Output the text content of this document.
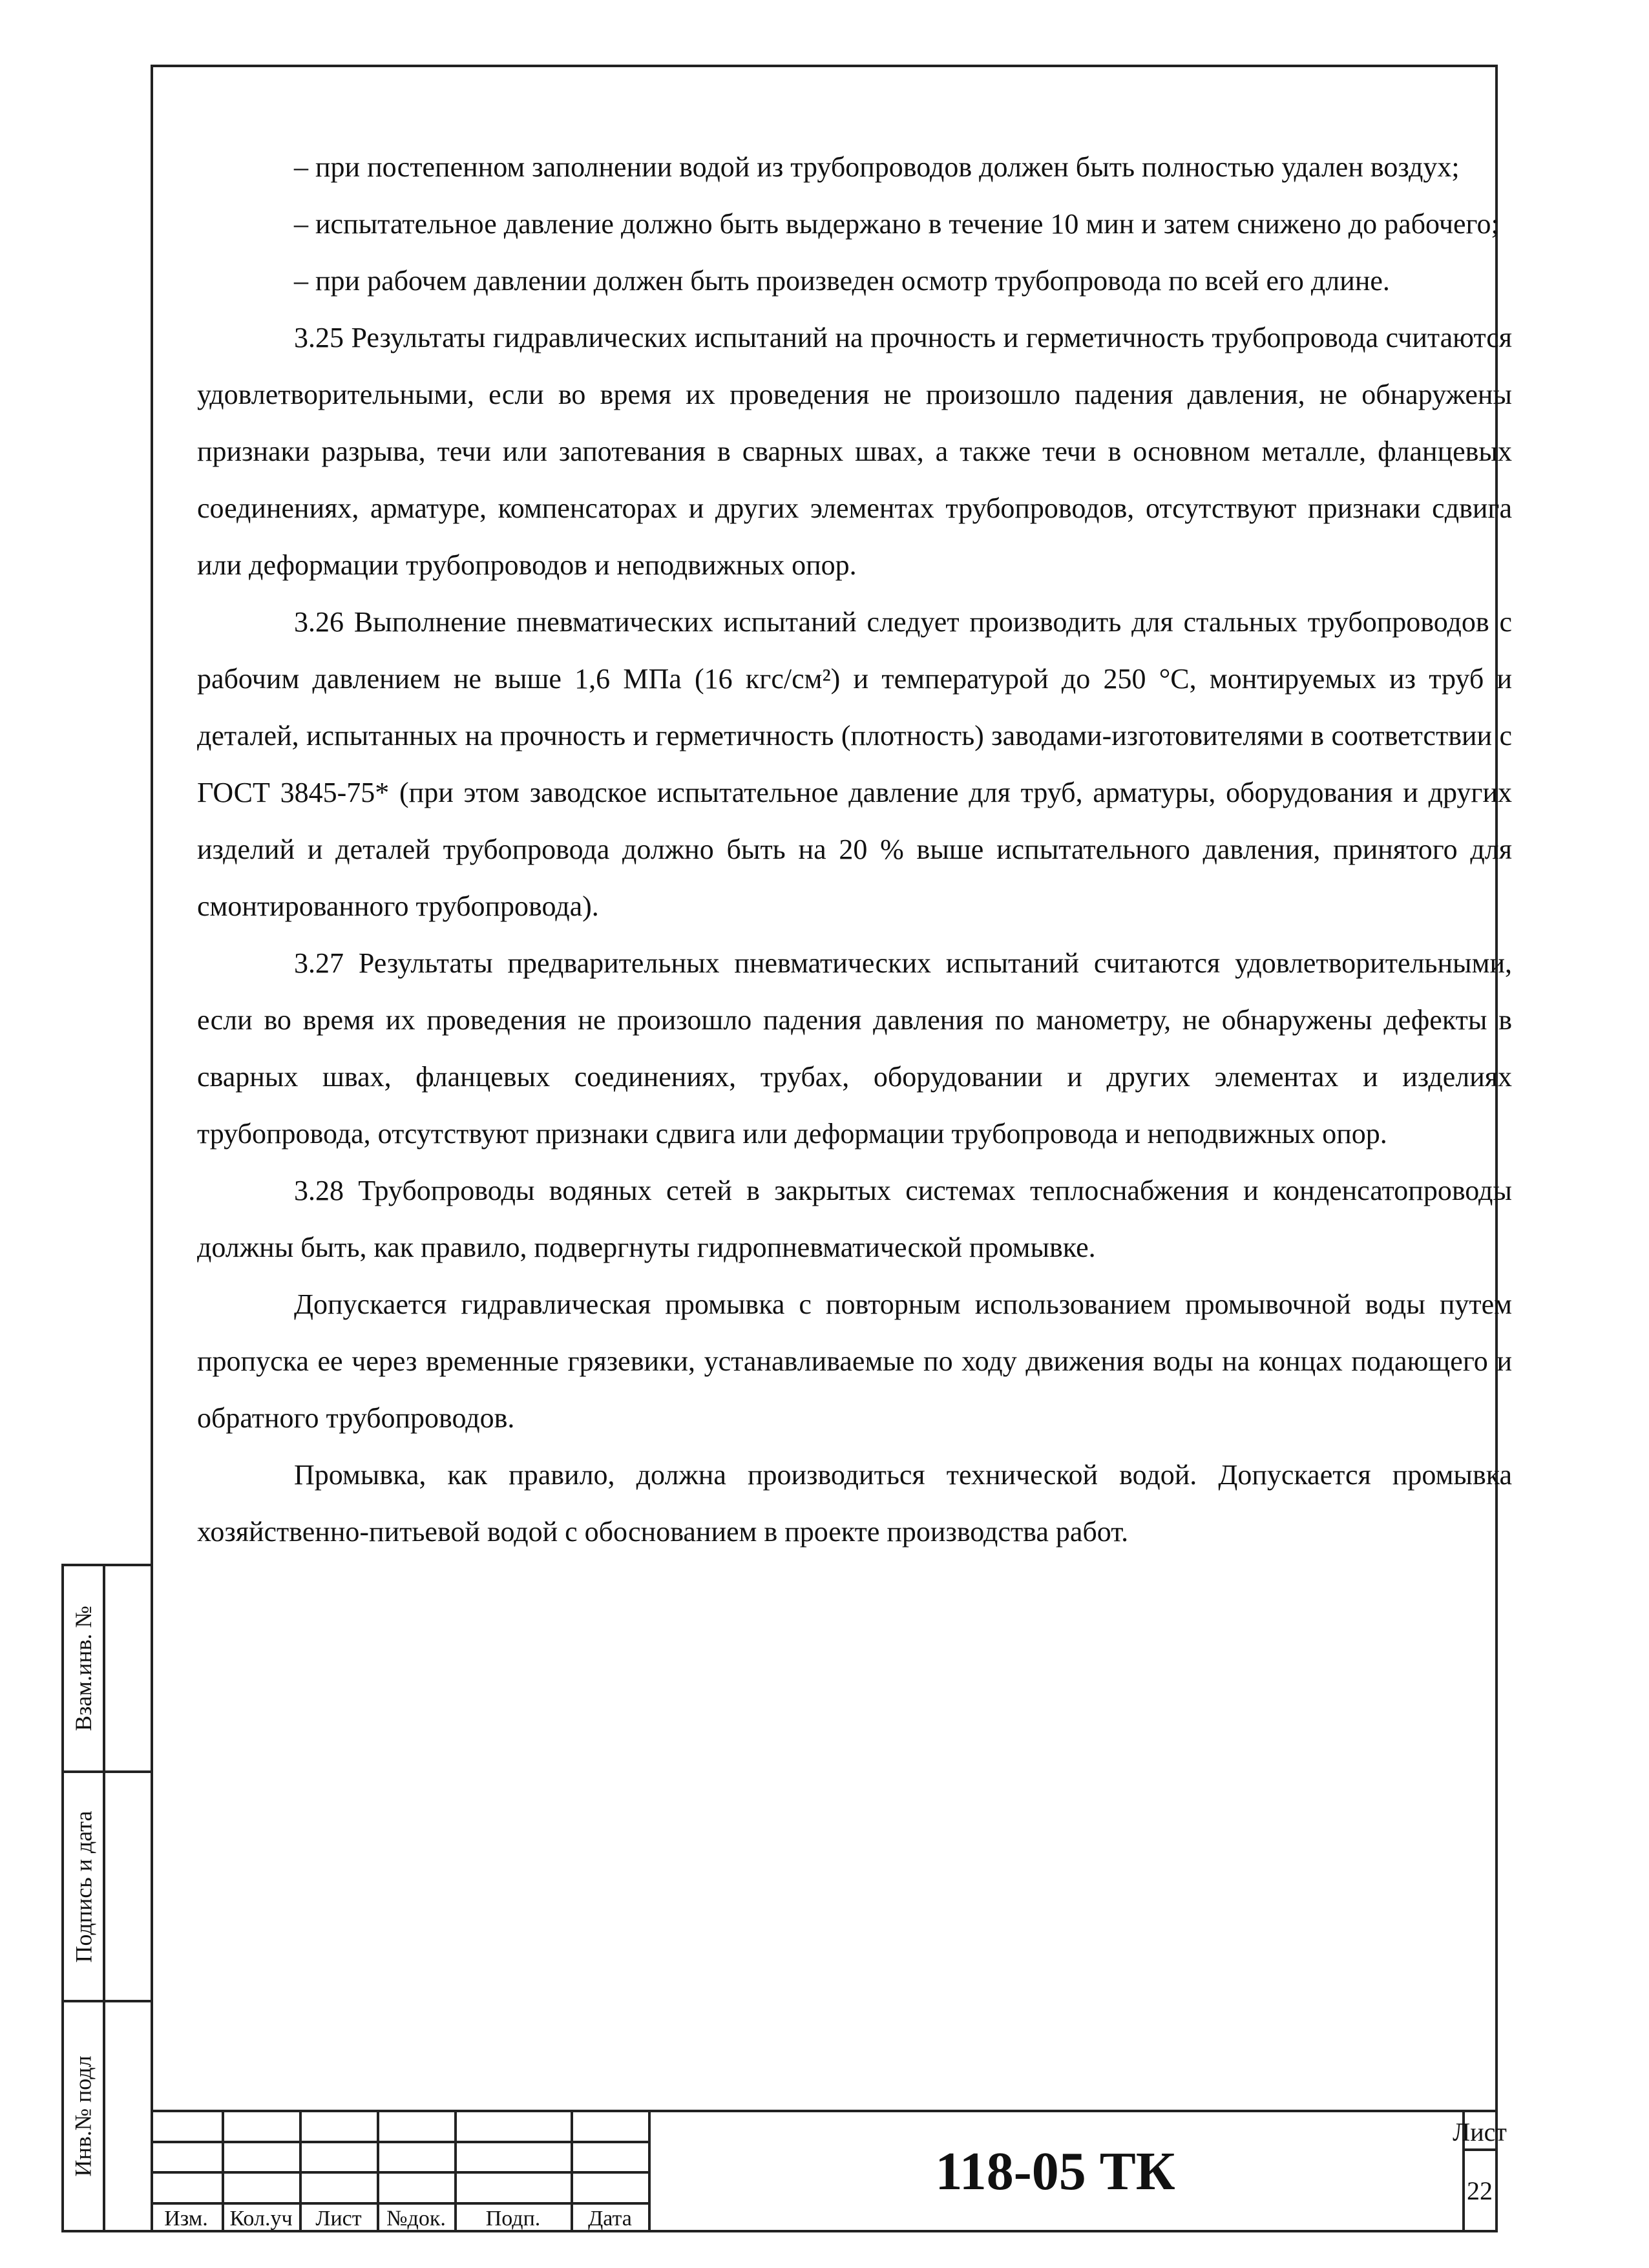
– при постепенном заполнении водой из трубопроводов должен быть полностью удален воздух;

– испытательное давление должно быть выдержано в течение 10 мин и затем снижено до рабочего;

– при рабочем давлении должен быть произведен осмотр трубопровода по всей его длине.

3.25 Результаты гидравлических испытаний на прочность и герметичность трубопровода считаются удовлетворительными, если во время их проведения не произошло падения давления, не обнаружены признаки разрыва, течи или запотевания в сварных швах, а также течи в основном металле, фланцевых соединениях, арматуре, компенсаторах и других элементах трубопроводов, отсутствуют признаки сдвига или деформации трубопроводов и неподвижных опор.

3.26 Выполнение пневматических испытаний следует производить для стальных трубопроводов с рабочим давлением не выше 1,6 МПа (16 кгс/см²) и температурой до 250 °С, монтируемых из труб и деталей, испытанных на прочность и герметичность (плотность) заводами-изготовителями в соответствии с ГОСТ 3845-75* (при этом заводское испытательное давление для труб, арматуры, оборудования и других изделий и деталей трубопровода должно быть на 20 % выше испытательного давления, принятого для смонтированного трубопровода).

3.27 Результаты предварительных пневматических испытаний считаются удовлетворительными, если во время их проведения не произошло падения давления по манометру, не обнаружены дефекты в сварных швах, фланцевых соединениях, трубах, оборудовании и других элементах и изделиях трубопровода, отсутствуют признаки сдвига или деформации трубопровода и неподвижных опор.

3.28 Трубопроводы водяных сетей в закрытых системах теплоснабжения и конденсатопроводы должны быть, как правило, подвергнуты гидропневматической промывке.

Допускается гидравлическая промывка с повторным использованием промывочной воды путем пропуска ее через временные грязевики, устанавливаемые по ходу движения воды на концах подающего и обратного трубопроводов.

Промывка, как правило, должна производиться технической водой. Допускается промывка хозяйственно-питьевой водой с обоснованием в проекте производства работ.

Взам.инв. №
Подпись и дата
Инв.№ подл
Изм. Кол.уч	Лист	№док.	Подп.	Дата
118-05 ТК
Лист
22
